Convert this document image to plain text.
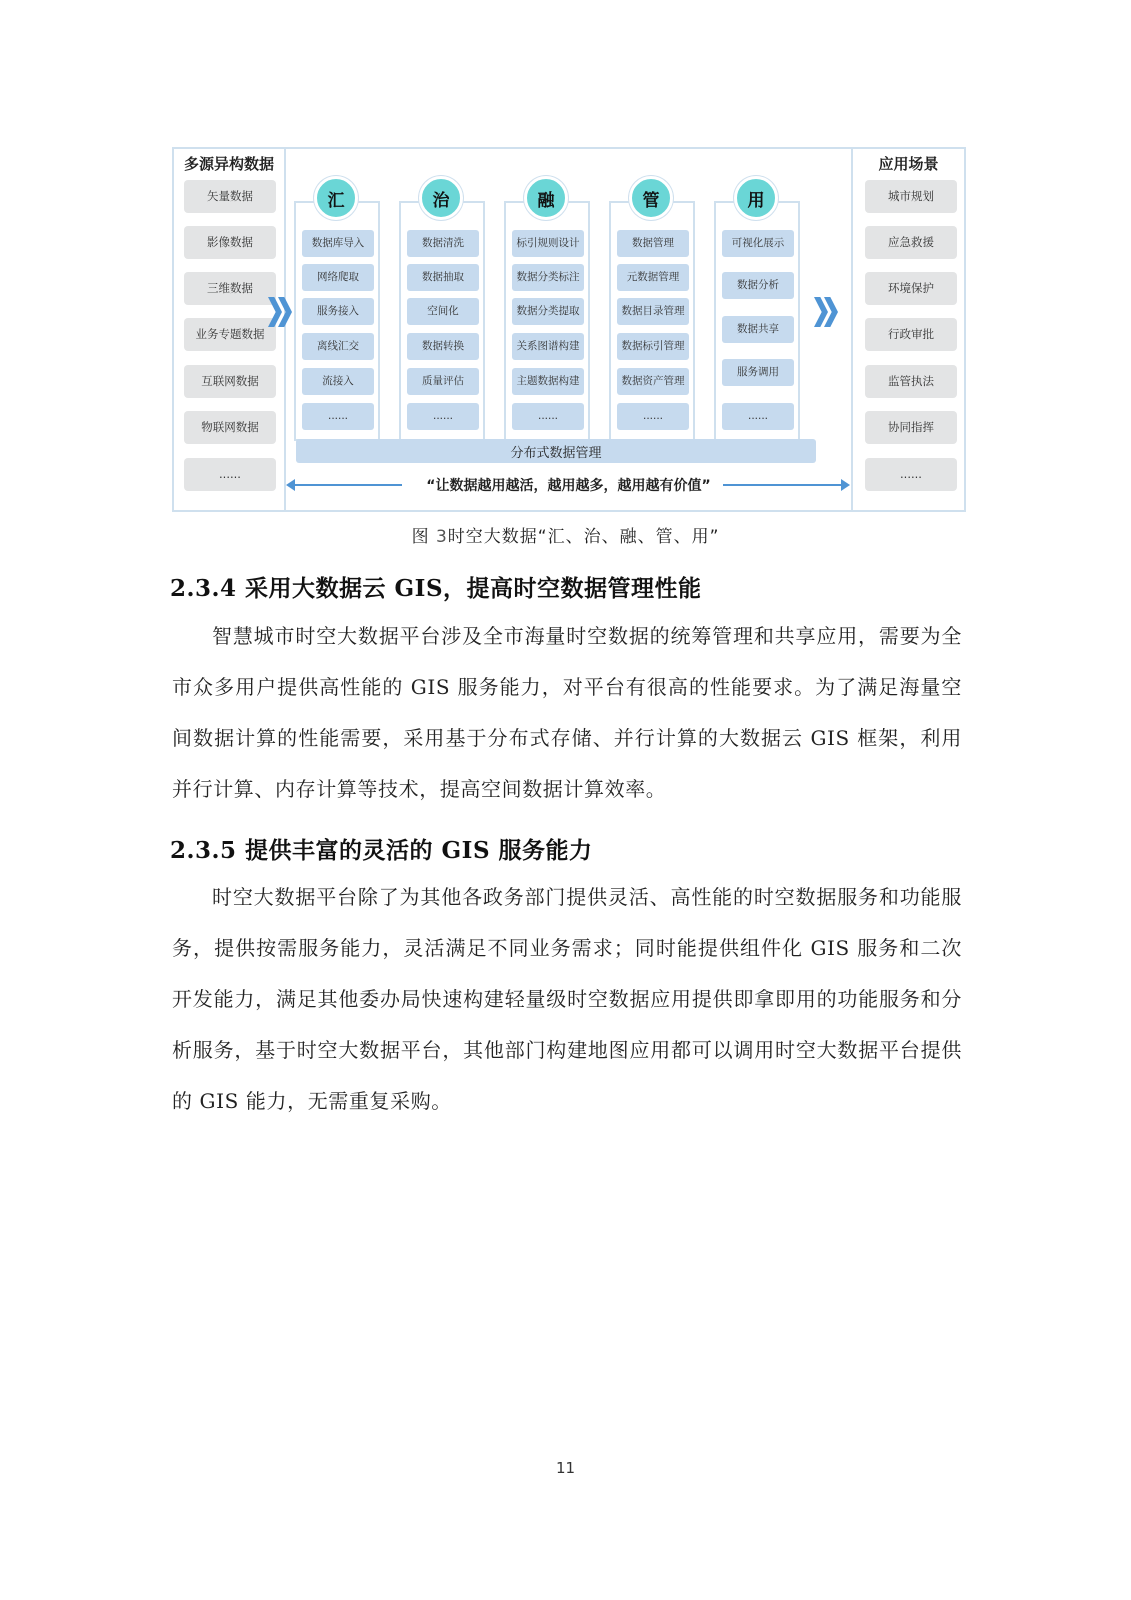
多源异构数据
矢量数据
影像数据
三维数据
业务专题数据
互联网数据
物联网数据
......
数据库导入
网络爬取
服务接入
离线汇交
流接入
......
汇
数据清洗
数据抽取
空间化
数据转换
质量评估
......
治
标引规则设计
数据分类标注
数据分类提取
关系图谱构建
主题数据构建
......
融
数据管理
元数据管理
数据目录管理
数据标引管理
数据资产管理
......
管
可视化展示
数据分析
数据共享
服务调用
......
用
分布式数据管理
“让数据越用越活，越用越多，越用越有价值”
应用场景
城市规划
应急救援
环境保护
行政审批
监管执法
协同指挥
......
图 3时空大数据“汇、治、融、管、用”
2.3.4 采用大数据云 GIS，提高时空数据管理性能
智慧城市时空大数据平台涉及全市海量时空数据的统筹管理和共享应用，需要为全市众多用户提供高性能的 GIS 服务能力，对平台有很高的性能要求。为了满足海量空间数据计算的性能需要，采用基于分布式存储、并行计算的大数据云 GIS 框架，利用并行计算、内存计算等技术，提高空间数据计算效率。
2.3.5 提供丰富的灵活的 GIS 服务能力
时空大数据平台除了为其他各政务部门提供灵活、高性能的时空数据服务和功能服务，提供按需服务能力，灵活满足不同业务需求；同时能提供组件化 GIS 服务和二次开发能力，满足其他委办局快速构建轻量级时空数据应用提供即拿即用的功能服务和分析服务，基于时空大数据平台，其他部门构建地图应用都可以调用时空大数据平台提供的 GIS 能力，无需重复采购。
11
